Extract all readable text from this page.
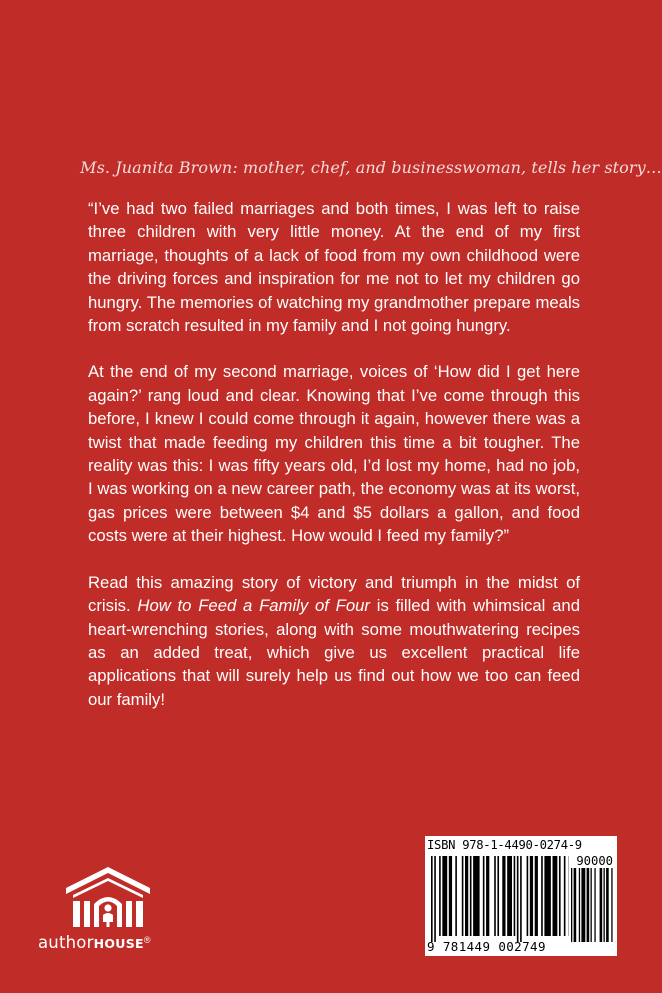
Ms. Juanita Brown: mother, chef, and businesswoman, tells her story…

“I’ve had two failed marriages and both times, I was left to raise three children with very little money. At the end of my first marriage, thoughts of a lack of food from my own childhood were the driving forces and inspiration for me not to let my children go hungry. The memories of watching my grandmother prepare meals from scratch resulted in my family and I not going hungry.

At the end of my second marriage, voices of ‘How did I get here again?’ rang loud and clear. Knowing that I’ve come through this before, I knew I could come through it again, however there was a twist that made feeding my children this time a bit tougher. The reality was this: I was fifty years old, I’d lost my home, had no job, I was working on a new career path, the economy was at its worst, gas prices were between $4 and $5 dollars a gallon, and food costs were at their highest. How would I feed my family?”

Read this amazing story of victory and triumph in the midst of crisis. How to Feed a Family of Four is filled with whimsical and heart-wrenching stories, along with some mouthwatering recipes as an added treat, which give us excellent practical life applications that will surely help us find out how we too can feed our family!

ISBN 978-1-4490-0274-9
90000
9 781449 002749
authorHOUSE®
